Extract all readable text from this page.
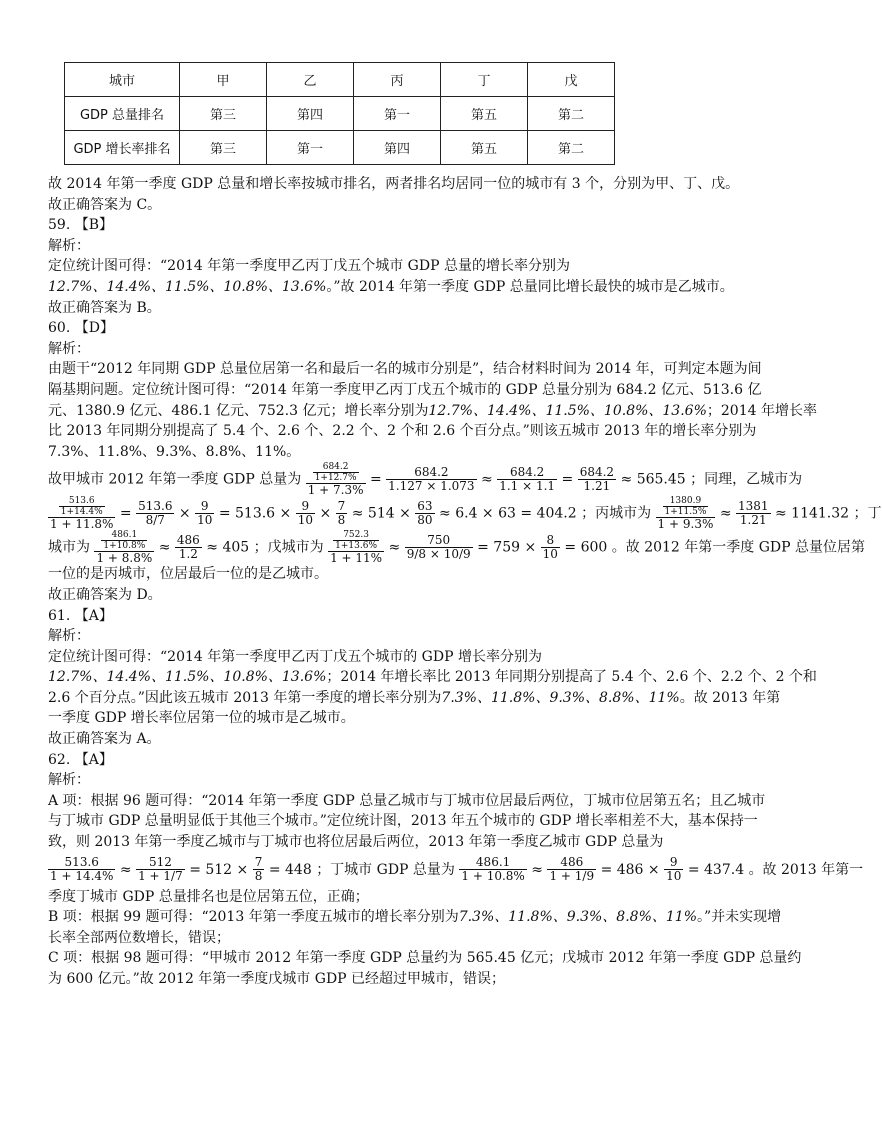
城市	甲	乙	丙	丁	戊
GDP 总量排名	第三	第四	第一	第五	第二
GDP 增长率排名	第三	第一	第四	第五	第二
故 2014 年第一季度 GDP 总量和增长率按城市排名，两者排名均居同一位的城市有 3 个，分别为甲、丁、戊。
故正确答案为 C。
59. 【B】
解析：
定位统计图可得：“2014 年第一季度甲乙丙丁戊五个城市 GDP 总量的增长率分别为
12.7%、14.4%、11.5%、10.8%、13.6%。”故 2014 年第一季度 GDP 总量同比增长最快的城市是乙城市。
故正确答案为 B。
60. 【D】
解析：
由题干“2012 年同期 GDP 总量位居第一名和最后一名的城市分别是”，结合材料时间为 2014 年，可判定本题为间
隔基期问题。定位统计图可得：“2014 年第一季度甲乙丙丁戊五个城市的 GDP 总量分别为 684.2 亿元、513.6 亿
元、1380.9 亿元、486.1 亿元、752.3 亿元；增长率分别为12.7%、14.4%、11.5%、10.8%、13.6%；2014 年增长率
比 2013 年同期分别提高了 5.4 个、2.6 个、2.2 个、2 个和 2.6 个百分点。”则该五城市 2013 年的增长率分别为
7.3%、11.8%、9.3%、8.8%、11%。
故甲城市 2012 年第一季度 GDP 总量为 $\frac{\frac{684.2}{1+12.7\%}}{1 + 7.3\%} = \frac{684.2}{1.127 \times 1.073} \approx \frac{684.2}{1.1 \times 1.1} = \frac{684.2}{1.21} \approx 565.45$ ；同理，乙城市为
$\frac{\frac{513.6}{1+14.4\%}}{1 + 11.8\%} = \frac{513.6}{8/7} \times \frac{9}{10} = 513.6 \times \frac{9}{10} \times \frac{7}{8} \approx 514 \times \frac{63}{80} \approx 6.4 \times 63 = 404.2$ ；丙城市为 $\frac{\frac{1380.9}{1+11.5\%}}{1 + 9.3\%} \approx \frac{1381}{1.21} \approx 1141.32$ ；丁
城市为 $\frac{\frac{486.1}{1+10.8\%}}{1 + 8.8\%} \approx \frac{486}{1.2} \approx 405$ ；戊城市为 $\frac{\frac{752.3}{1+13.6\%}}{1 + 11\%} \approx \frac{750}{9/8 \times 10/9} = 759 \times \frac{8}{10} = 600$ 。故 2012 年第一季度 GDP 总量位居第
一位的是丙城市，位居最后一位的是乙城市。
故正确答案为 D。
61. 【A】
解析：
定位统计图可得：“2014 年第一季度甲乙丙丁戊五个城市的 GDP 增长率分别为
12.7%、14.4%、11.5%、10.8%、13.6%；2014 年增长率比 2013 年同期分别提高了 5.4 个、2.6 个、2.2 个、2 个和
2.6 个百分点。”因此该五城市 2013 年第一季度的增长率分别为7.3%、11.8%、9.3%、8.8%、11%。故 2013 年第
一季度 GDP 增长率位居第一位的城市是乙城市。
故正确答案为 A。
62. 【A】
解析：
A 项：根据 96 题可得：“2014 年第一季度 GDP 总量乙城市与丁城市位居最后两位，丁城市位居第五名；且乙城市
与丁城市 GDP 总量明显低于其他三个城市。”定位统计图，2013 年五个城市的 GDP 增长率相差不大，基本保持一
致，则 2013 年第一季度乙城市与丁城市也将位居最后两位，2013 年第一季度乙城市 GDP 总量为
$\frac{513.6}{1 + 14.4\%} \approx \frac{512}{1 + 1/7} = 512 \times \frac{7}{8} = 448$ ；丁城市 GDP 总量为 $\frac{486.1}{1 + 10.8\%} \approx \frac{486}{1 + 1/9} = 486 \times \frac{9}{10} = 437.4$ 。故 2013 年第一
季度丁城市 GDP 总量排名也是位居第五位，正确；
B 项：根据 99 题可得：“2013 年第一季度五城市的增长率分别为7.3%、11.8%、9.3%、8.8%、11%。”并未实现增
长率全部两位数增长，错误；
C 项：根据 98 题可得：“甲城市 2012 年第一季度 GDP 总量约为 565.45 亿元；戊城市 2012 年第一季度 GDP 总量约
为 600 亿元。”故 2012 年第一季度戊城市 GDP 已经超过甲城市，错误；
